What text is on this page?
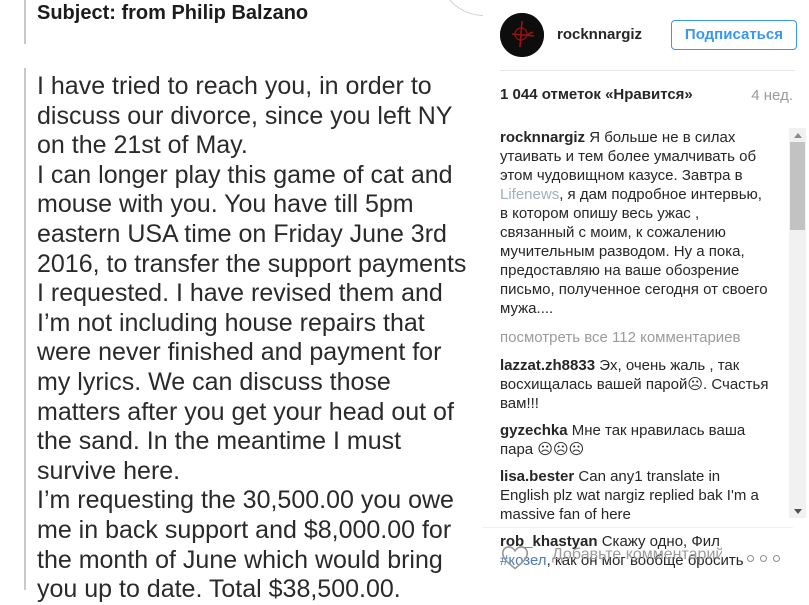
Subject: from Philip Balzano
I have tried to reach you, in order to
discuss our divorce, since you left NY
on the 21st of May.
I can longer play this game of cat and
mouse with you. You have till 5pm
eastern USA time on Friday June 3rd
2016, to transfer the support payments
I requested. I have revised them and
I’m not including house repairs that
were never finished and payment for
my lyrics. We can discuss those
matters after you get your head out of
the sand. In the meantime I must
survive here.
I’m requesting the 30,500.00 you owe
me in back support and $8,000.00 for
the month of June which would bring
you up to date. Total $38,500.00.
rocknnargiz	Подписаться
1 044 отметок «Нравится»	4 нед.
rocknnargiz Я больше не в силах утаивать и тем более умалчивать об этом чудовищном казусе. Завтра в Lifenews, я дам подробное интервью, в котором опишу весь ужас , связанный с моим, к сожалению мучительным разводом. Ну а пока, предоставляю на ваше обозрение письмо, полученное сегодня от своего мужа....
посмотреть все 112 комментариев
lazzat.zh8833 Эх, очень жаль , так восхищалась вашей парой☹. Счастья вам!!!
gyzechka Мне так нравилась ваша пара ☹☹☹
lisa.bester Can any1 translate in English plz wat nargiz replied bak I'm a massive fan of here
rob_khastyan Скажу одно, Фил #козел, как он мог вообще бросить
Добавьте комментарий...
